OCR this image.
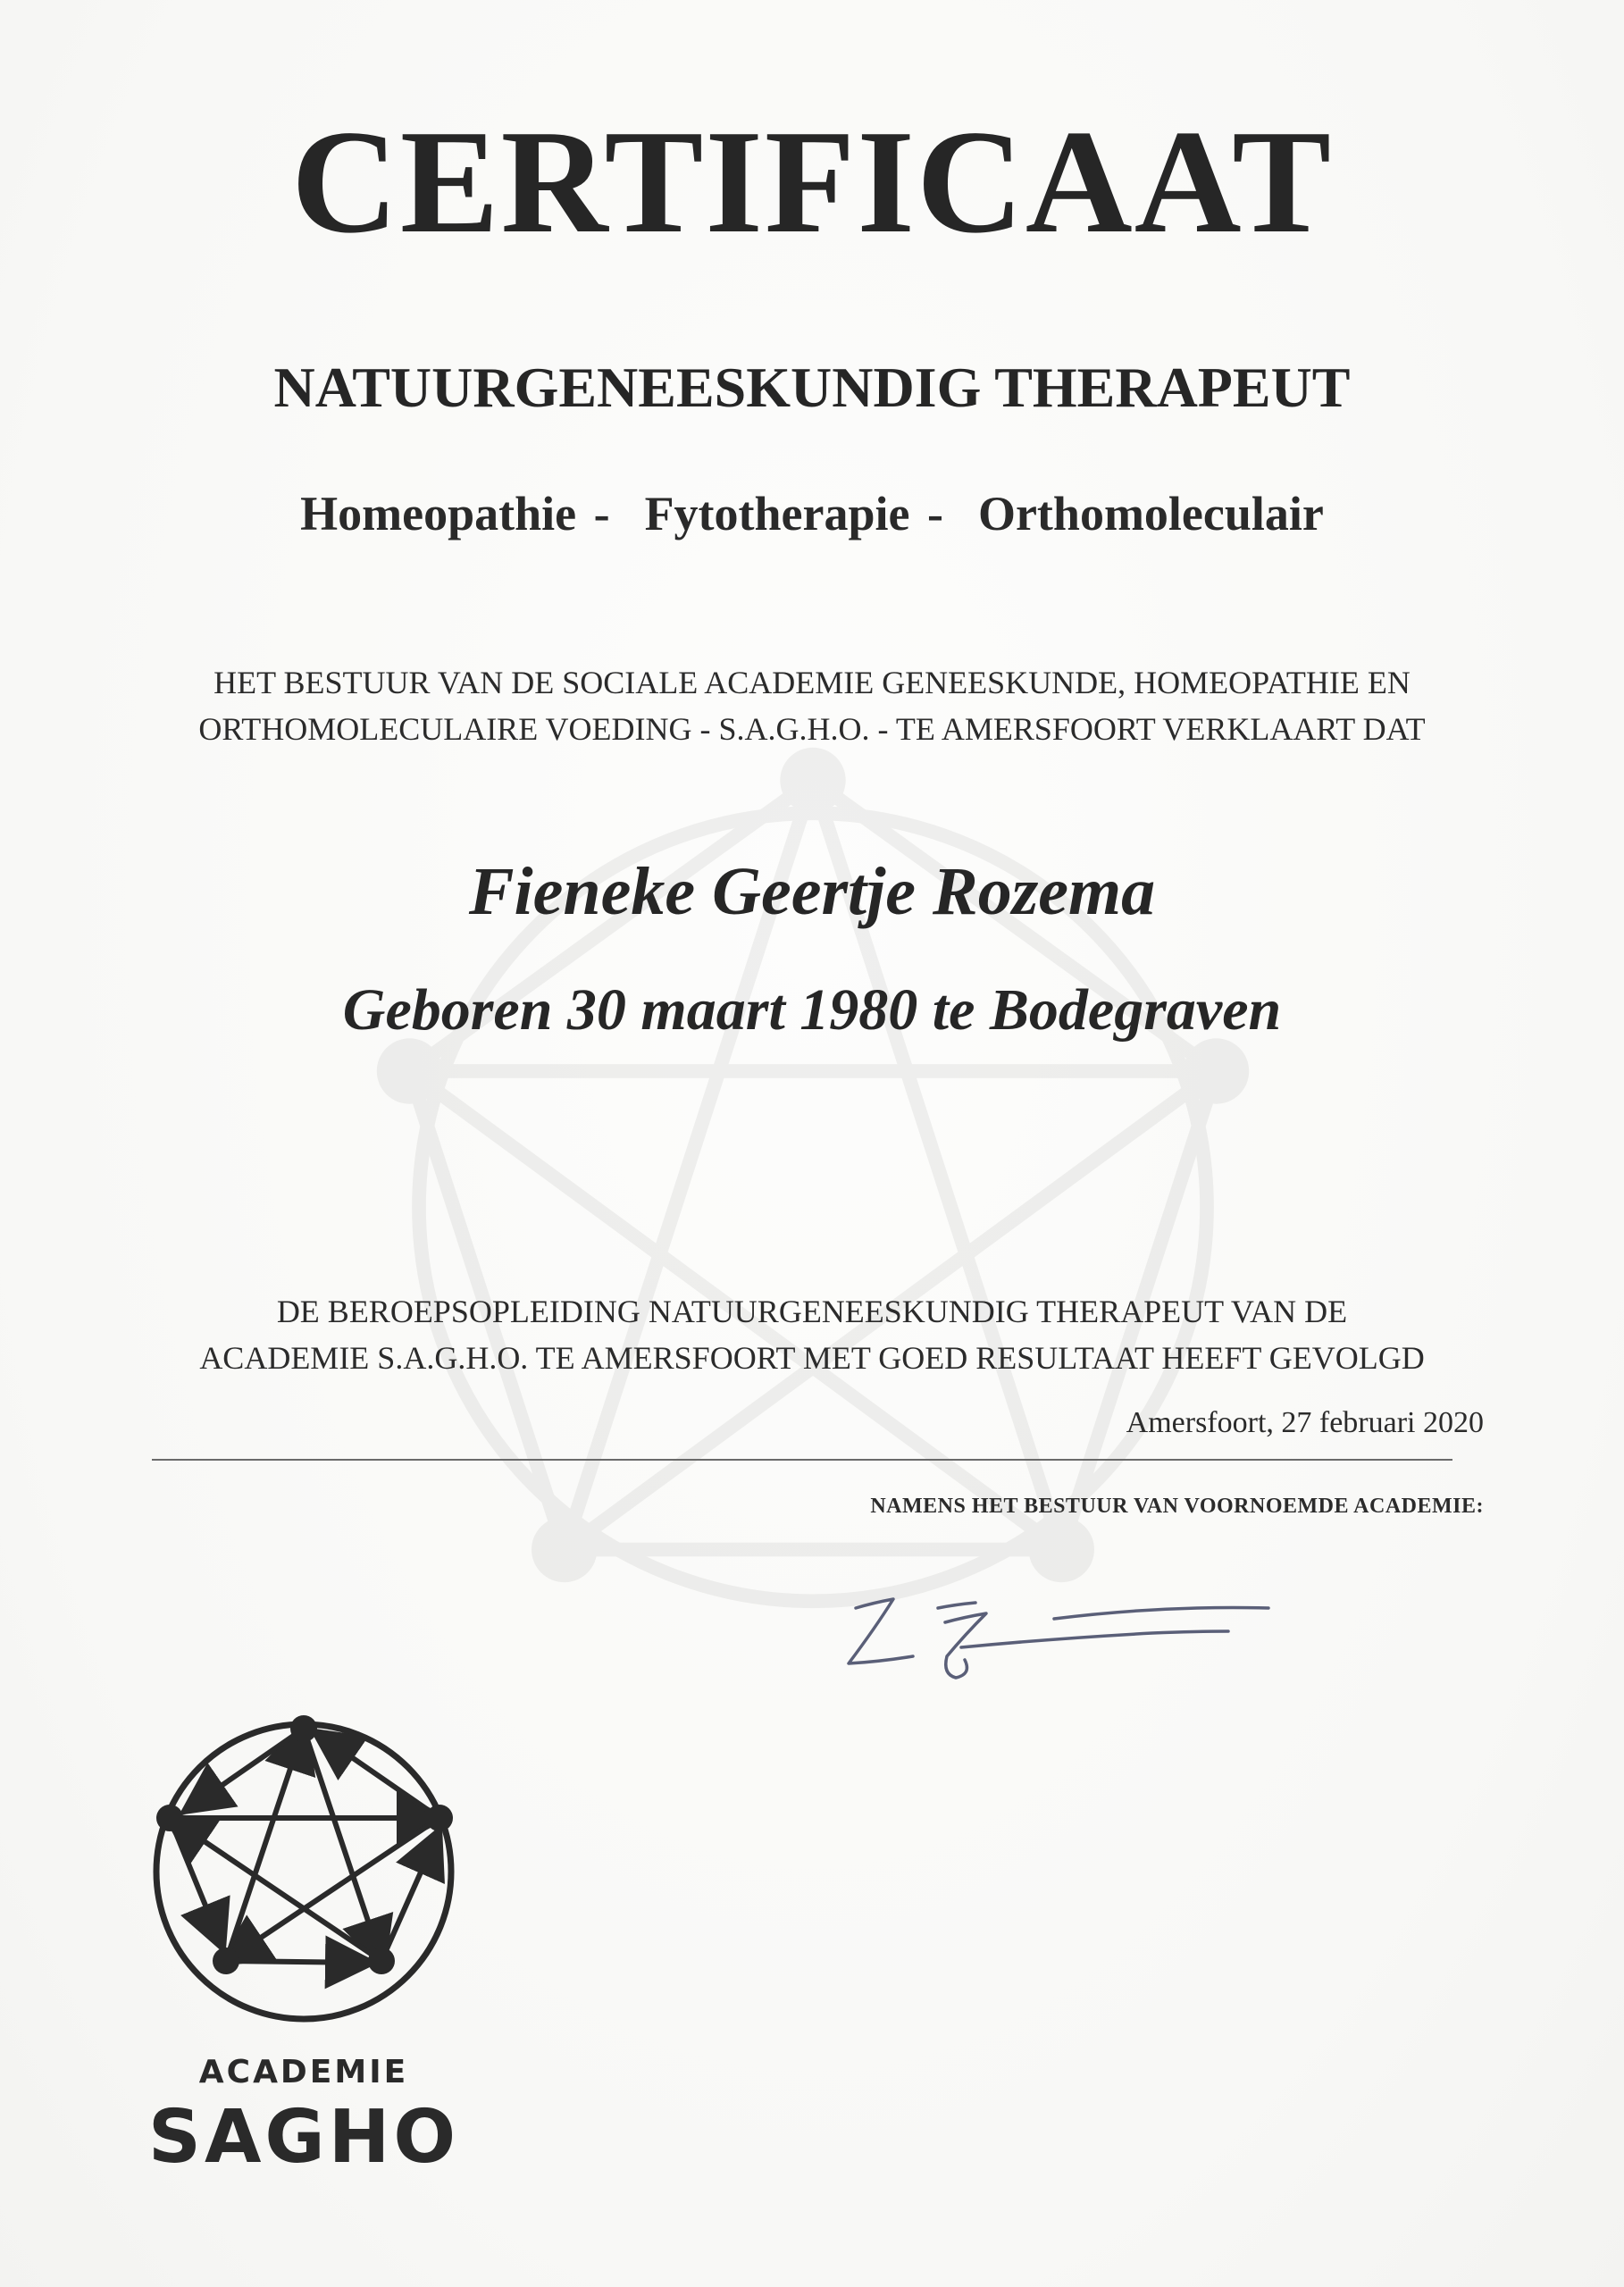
CERTIFICAAT
NATUURGENEESKUNDIG THERAPEUT
Homeopathie -  Fytotherapie -  Orthomoleculair
HET BESTUUR VAN DE SOCIALE ACADEMIE GENEESKUNDE, HOMEOPATHIE EN
ORTHOMOLECULAIRE VOEDING - S.A.G.H.O. - TE AMERSFOORT VERKLAART DAT
Fieneke Geertje Rozema
Geboren 30 maart 1980 te Bodegraven
DE BEROEPSOPLEIDING NATUURGENEESKUNDIG THERAPEUT VAN DE
ACADEMIE S.A.G.H.O. TE AMERSFOORT MET GOED RESULTAAT HEEFT GEVOLGD
Amersfoort, 27 februari 2020
NAMENS HET BESTUUR VAN VOORNOEMDE ACADEMIE:
ACADEMIE
SAGHO
